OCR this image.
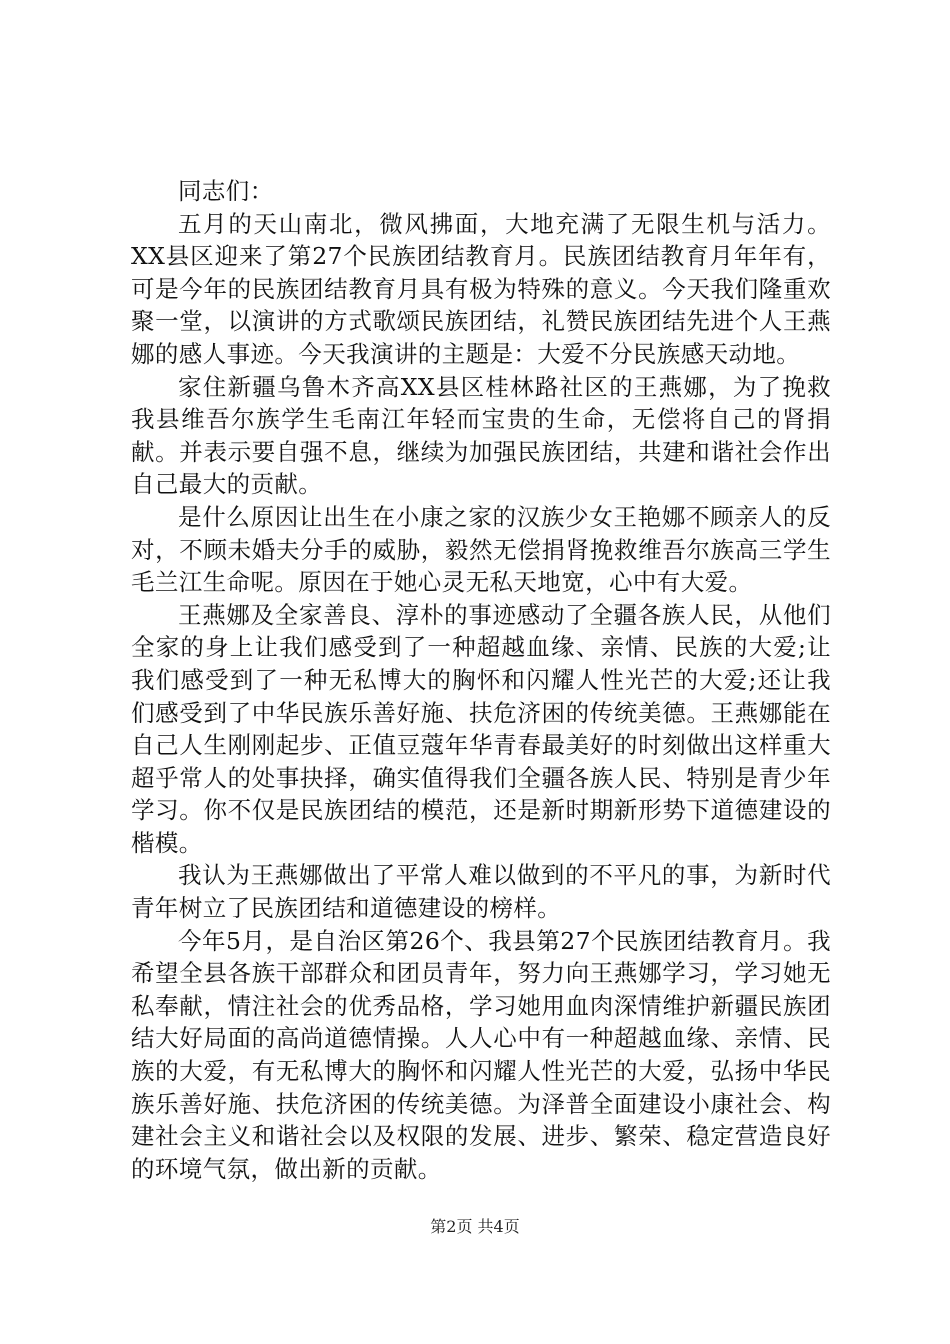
同志们：

五月的天山南北，微风拂面，大地充满了无限生机与活力。XX县区迎来了第27个民族团结教育月。民族团结教育月年年有，可是今年的民族团结教育月具有极为特殊的意义。今天我们隆重欢聚一堂，以演讲的方式歌颂民族团结，礼赞民族团结先进个人王燕娜的感人事迹。今天我演讲的主题是：大爱不分民族感天动地。

家住新疆乌鲁木齐高XX县区桂林路社区的王燕娜，为了挽救我县维吾尔族学生毛南江年轻而宝贵的生命，无偿将自己的肾捐献。并表示要自强不息，继续为加强民族团结，共建和谐社会作出自己最大的贡献。

是什么原因让出生在小康之家的汉族少女王艳娜不顾亲人的反对，不顾未婚夫分手的威胁，毅然无偿捐肾挽救维吾尔族高三学生毛兰江生命呢。原因在于她心灵无私天地宽，心中有大爱。

王燕娜及全家善良、淳朴的事迹感动了全疆各族人民，从他们全家的身上让我们感受到了一种超越血缘、亲情、民族的大爱;让我们感受到了一种无私博大的胸怀和闪耀人性光芒的大爱;还让我们感受到了中华民族乐善好施、扶危济困的传统美德。王燕娜能在自己人生刚刚起步、正值豆蔻年华青春最美好的时刻做出这样重大超乎常人的处事抉择，确实值得我们全疆各族人民、特别是青少年学习。你不仅是民族团结的模范，还是新时期新形势下道德建设的楷模。

我认为王燕娜做出了平常人难以做到的不平凡的事，为新时代青年树立了民族团结和道德建设的榜样。

今年5月，是自治区第26个、我县第27个民族团结教育月。我希望全县各族干部群众和团员青年，努力向王燕娜学习，学习她无私奉献，情注社会的优秀品格，学习她用血肉深情维护新疆民族团结大好局面的高尚道德情操。人人心中有一种超越血缘、亲情、民族的大爱，有无私博大的胸怀和闪耀人性光芒的大爱，弘扬中华民族乐善好施、扶危济困的传统美德。为泽普全面建设小康社会、构建社会主义和谐社会以及权限的发展、进步、繁荣、稳定营造良好的环境气氛，做出新的贡献。

第2页 共4页
